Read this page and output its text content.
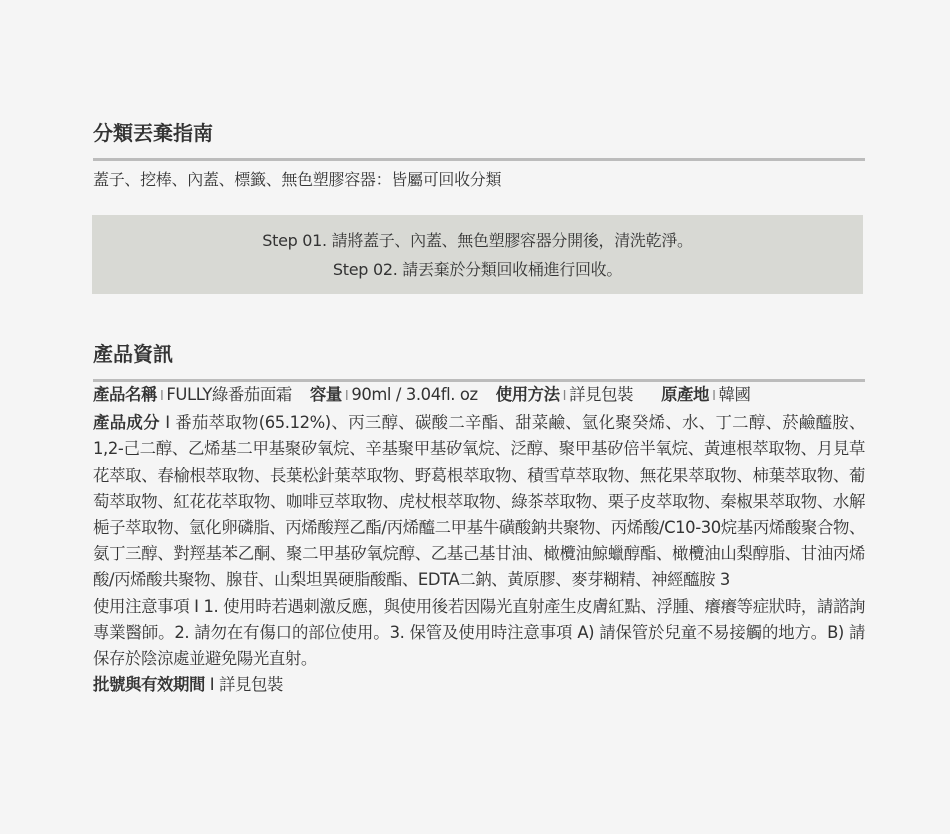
分類丟棄指南
蓋子、挖棒、內蓋、標籤、無色塑膠容器：皆屬可回收分類
Step 01. 請將蓋子、內蓋、無色塑膠容器分開後，清洗乾淨。
Step 02. 請丟棄於分類回收桶進行回收。
產品資訊
產品名稱 I FULLY綠番茄面霜 容量 I 90ml / 3.04fl. oz 使用方法 I 詳見包裝 原產地 I 韓國
產品成分 I 番茄萃取物(65.12%)、丙三醇、碳酸二辛酯、甜菜鹼、氫化聚癸烯、水、丁二醇、菸鹼醯胺、1,2-己二醇、乙烯基二甲基聚矽氧烷、辛基聚甲基矽氧烷、泛醇、聚甲基矽倍半氧烷、黃連根萃取物、月見草花萃取、春榆根萃取物、長葉松針葉萃取物、野葛根萃取物、積雪草萃取物、無花果萃取物、柿葉萃取物、葡萄萃取物、紅花花萃取物、咖啡豆萃取物、虎杖根萃取物、綠茶萃取物、栗子皮萃取物、秦椒果萃取物、水解梔子萃取物、氫化卵磷脂、丙烯酸羥乙酯/丙烯醯二甲基牛磺酸鈉共聚物、丙烯酸/C10-30烷基丙烯酸聚合物、氨丁三醇、對羥基苯乙酮、聚二甲基矽氧烷醇、乙基己基甘油、橄欖油鯨蠟醇酯、橄欖油山梨醇脂、甘油丙烯酸/丙烯酸共聚物、腺苷、山梨坦異硬脂酸酯、EDTA二鈉、黃原膠、麥芽糊精、神經醯胺 3
使用注意事項 I 1. 使用時若遇刺激反應，與使用後若因陽光直射產生皮膚紅點、浮腫、癢癢等症狀時，請諮詢專業醫師。2. 請勿在有傷口的部位使用。3. 保管及使用時注意事項 A) 請保管於兒童不易接觸的地方。B) 請保存於陰涼處並避免陽光直射。
批號與有效期間 I 詳見包裝
